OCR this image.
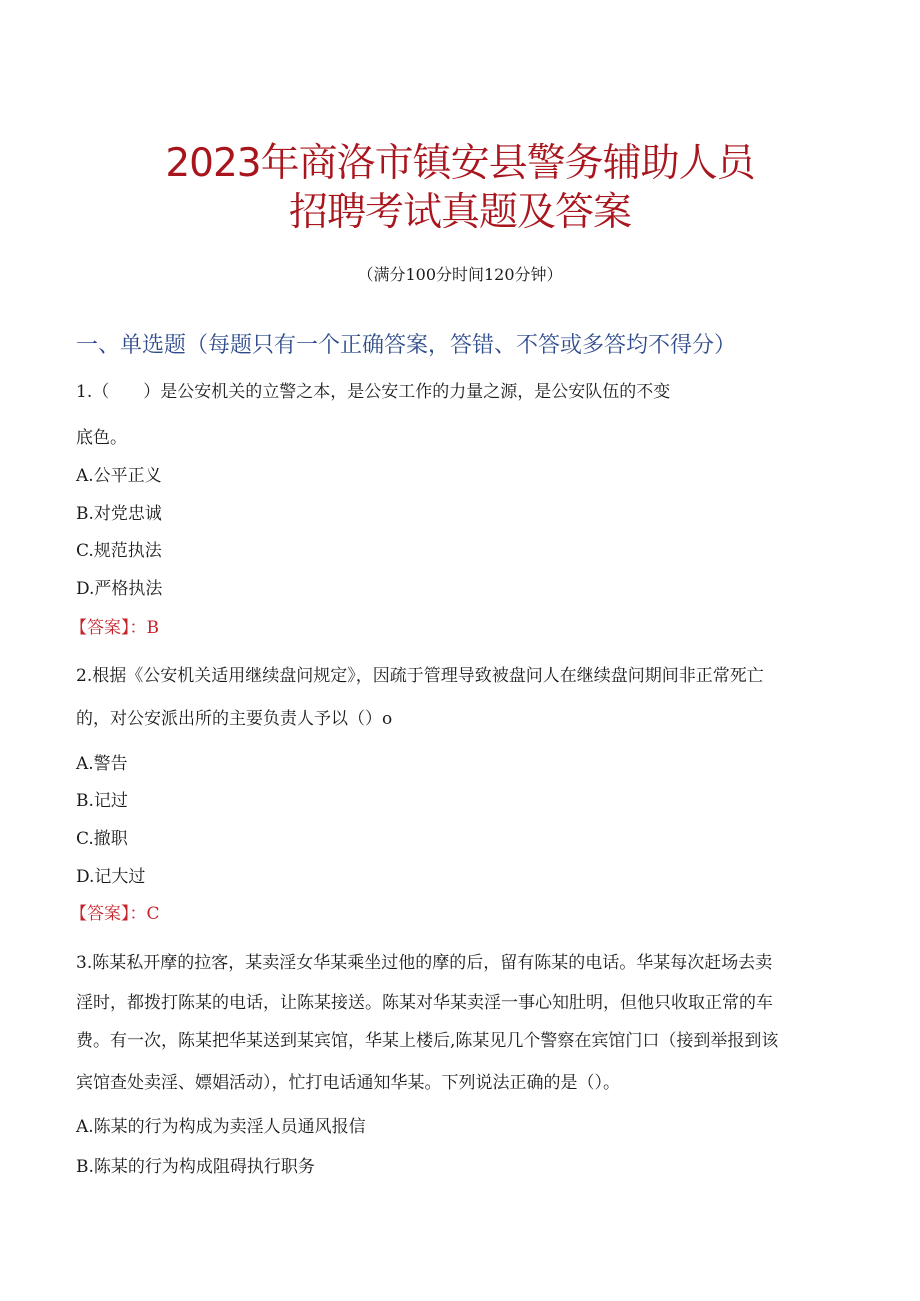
2023年商洛市镇安县警务辅助人员
招聘考试真题及答案
（满分100分时间120分钟）
一、单选题（每题只有一个正确答案，答错、不答或多答均不得分）
1.（　　）是公安机关的立警之本，是公安工作的力量之源，是公安队伍的不变
底色。
A.公平正义
B.对党忠诚
C.规范执法
D.严格执法
【答案】：B
2.根据《公安机关适用继续盘问规定》，因疏于管理导致被盘问人在继续盘问期间非正常死亡
的，对公安派出所的主要负责人予以（）o
A.警告
B.记过
C.撤职
D.记大过
【答案】：C
3.陈某私开摩的拉客，某卖淫女华某乘坐过他的摩的后，留有陈某的电话。华某每次赶场去卖
淫时，都拨打陈某的电话，让陈某接送。陈某对华某卖淫一事心知肚明，但他只收取正常的车
费。有一次，陈某把华某送到某宾馆，华某上楼后,陈某见几个警察在宾馆门口（接到举报到该
宾馆查处卖淫、嫖娼活动），忙打电话通知华某。下列说法正确的是（）。
A.陈某的行为构成为卖淫人员通风报信
B.陈某的行为构成阻碍执行职务
